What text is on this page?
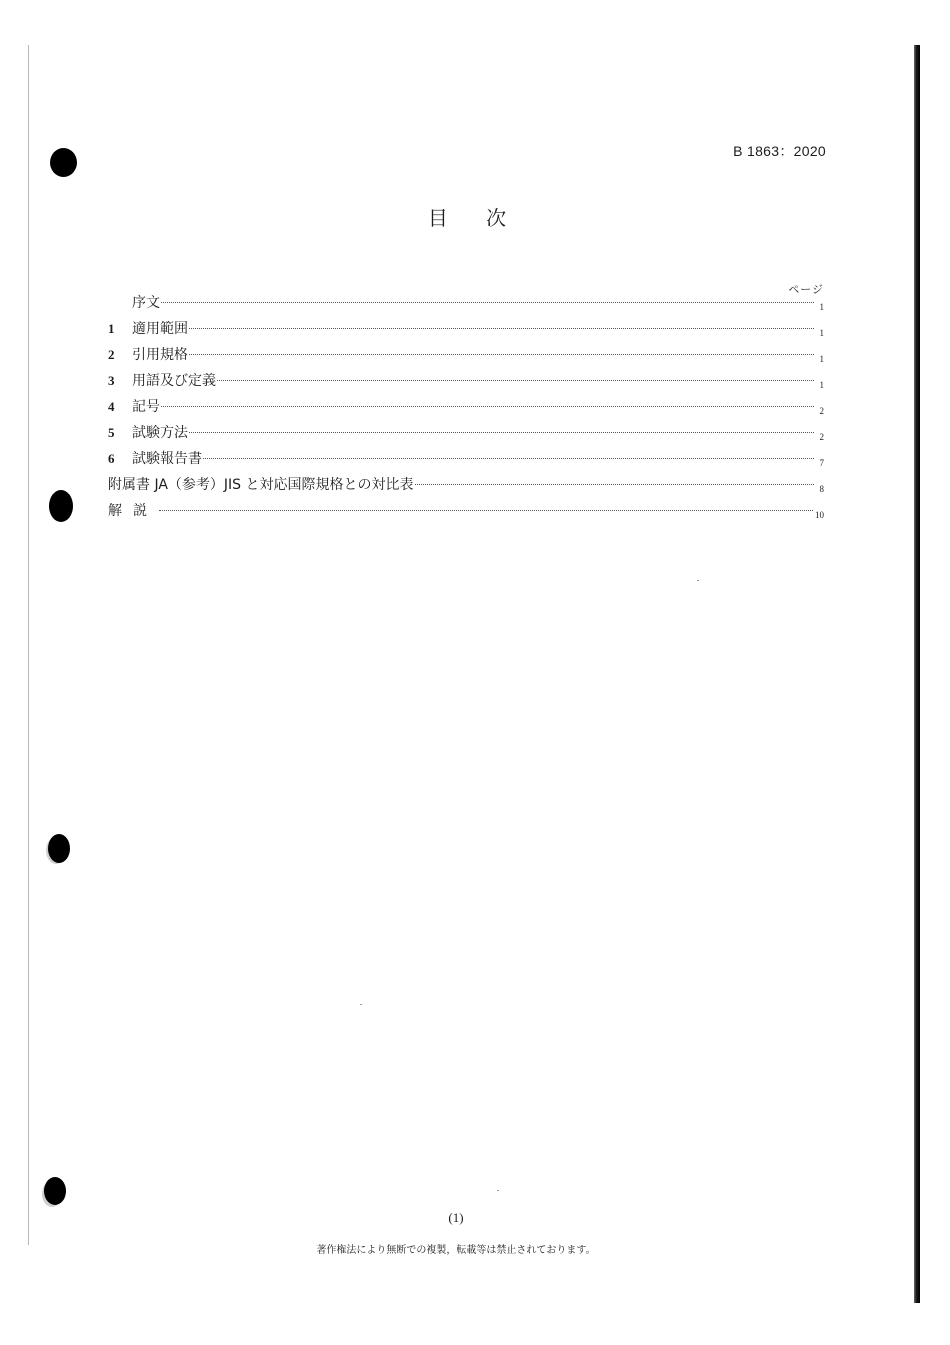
B 1863：2020
目 次
ページ
序文	1
1	適用範囲	1
2	引用規格	1
3	用語及び定義	1
4	記号	2
5	試験方法	2
6	試験報告書	7
附属書 JA（参考）JIS と対応国際規格との対比表	8
解説	10
(1)
著作権法により無断での複製，転載等は禁止されております。
